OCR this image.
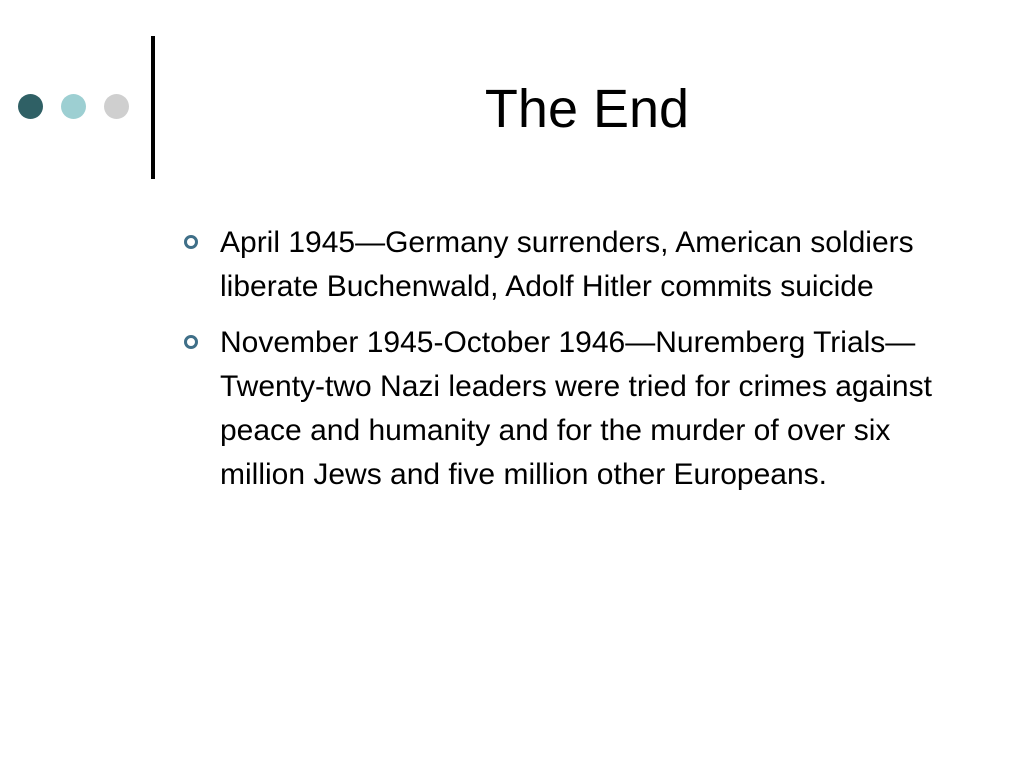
The End
April 1945—Germany surrenders, American soldiers liberate Buchenwald, Adolf Hitler commits suicide
November 1945-October 1946—Nuremberg Trials—Twenty-two Nazi leaders were tried for crimes against peace and humanity and for the murder of over six million Jews and five million other Europeans.
